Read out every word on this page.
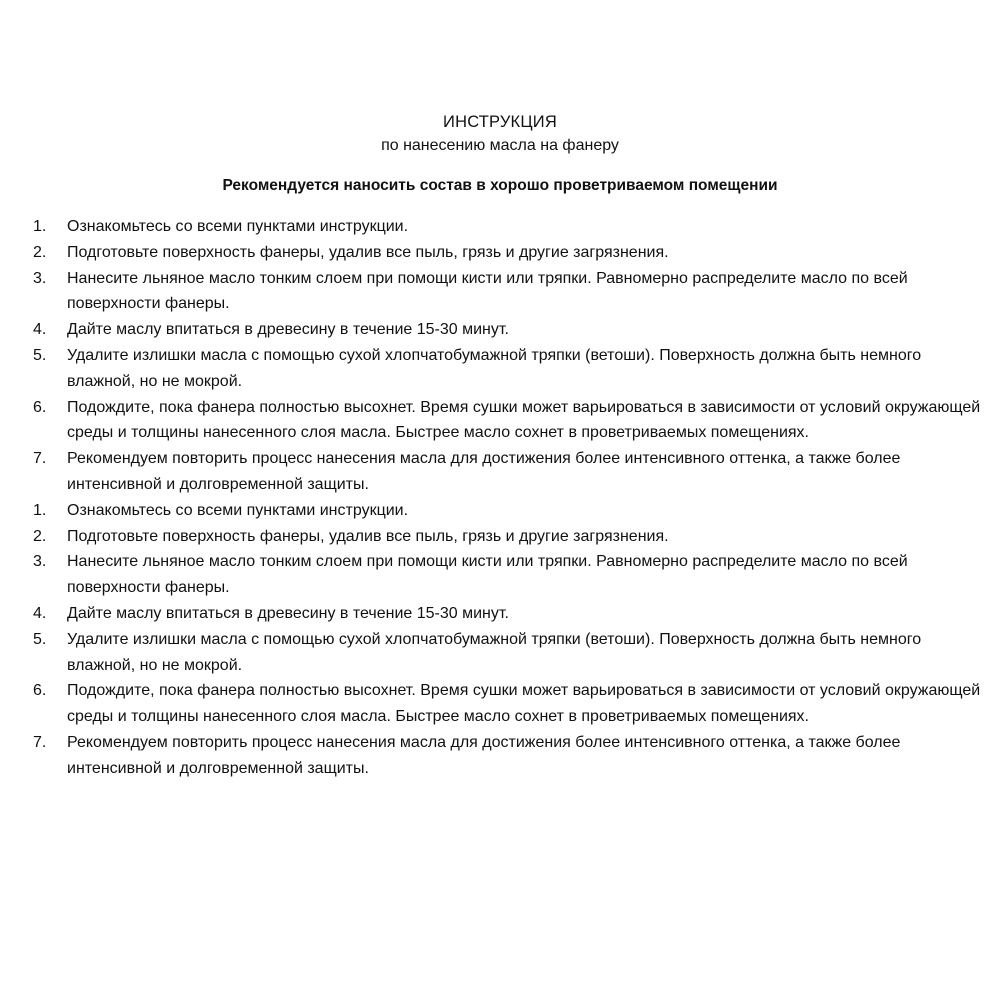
ИНСТРУКЦИЯ
по нанесению масла на фанеру
Рекомендуется наносить состав в хорошо проветриваемом помещении
1.	Ознакомьтесь со всеми пунктами инструкции.
2.	Подготовьте поверхность фанеры, удалив все пыль, грязь и другие загрязнения.
3.	Нанесите льняное масло тонким слоем при помощи кисти или тряпки. Равномерно распределите масло по всей поверхности фанеры.
4.	Дайте маслу впитаться в древесину в течение 15-30 минут.
5.	Удалите излишки масла с помощью сухой хлопчатобумажной тряпки (ветоши). Поверхность должна быть немного влажной, но не мокрой.
6.	Подождите, пока фанера полностью высохнет. Время сушки может варьироваться в зависимости от условий окружающей среды и толщины нанесенного слоя масла. Быстрее масло сохнет в проветриваемых помещениях.
7.	Рекомендуем повторить процесс нанесения масла для достижения более интенсивного оттенка, а также более интенсивной и долговременной защиты.
1.	Ознакомьтесь со всеми пунктами инструкции.
2.	Подготовьте поверхность фанеры, удалив все пыль, грязь и другие загрязнения.
3.	Нанесите льняное масло тонким слоем при помощи кисти или тряпки. Равномерно распределите масло по всей поверхности фанеры.
4.	Дайте маслу впитаться в древесину в течение 15-30 минут.
5.	Удалите излишки масла с помощью сухой хлопчатобумажной тряпки (ветоши). Поверхность должна быть немного влажной, но не мокрой.
6.	Подождите, пока фанера полностью высохнет. Время сушки может варьироваться в зависимости от условий окружающей среды и толщины нанесенного слоя масла. Быстрее масло сохнет в проветриваемых помещениях.
7.	Рекомендуем повторить процесс нанесения масла для достижения более интенсивного оттенка, а также более интенсивной и долговременной защиты.
